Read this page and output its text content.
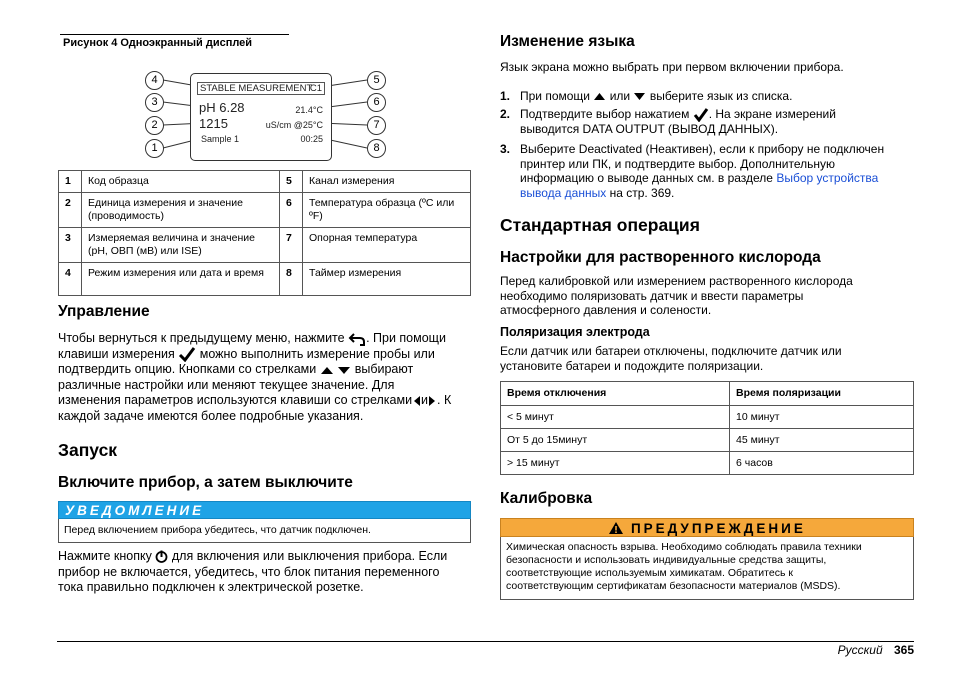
Рисунок 4 Одноэкранный дисплей
STABLE MEASUREMENT
C1
pH 6.28	21.4°C
1215	uS/cm @25°C
Sample 1	00:25
4
3
2
1
5
6
7
8
1	Код образца	5	Канал измерения
2	Единица измерения и значение (проводимость)	6	Температура образца (ºC или ºF)
3	Измеряемая величина и значение (pH, ОВП (мВ) или ISE)	7	Опорная температура
4	Режим измерения или дата и время	8	Таймер измерения
Управление
Чтобы вернуться к предыдущему меню, нажмите . При помощи
клавиши измерения можно выполнить измерение пробы или
подтвердить опцию. Кнопками со стрелками	выбирают
различные настройки или меняют текущее значение. Для
изменения параметров используются клавиши со стрелками и . К
каждой задаче имеются более подробные указания.
Запуск
Включите прибор, а затем выключите
УВЕДОМЛЕНИЕ
Перед включением прибора убедитесь, что датчик подключен.
Нажмите кнопку для включения или выключения прибора. Если
прибор не включается, убедитесь, что блок питания переменного
тока правильно подключен к электрической розетке.
Изменение языка
Язык экрана можно выбрать при первом включении прибора.
1. При помощи или выберите язык из списка.
2. Подтвердите выбор нажатием . На экране измерений
выводится DATA OUTPUT (ВЫВОД ДАННЫХ).
3. Выберите Deactivated (Неактивен), если к прибору не подключен
принтер или ПК, и подтвердите выбор. Дополнительную
информацию о выводе данных см. в разделе Выбор устройства
вывода данных на стр. 369.
Стандартная операция
Настройки для растворенного кислорода
Перед калибровкой или измерением растворенного кислорода
необходимо поляризовать датчик и ввести параметры
атмосферного давления и солености.
Поляризация электрода
Если датчик или батареи отключены, подключите датчик или
установите батареи и подождите поляризации.
Время отключения	Время поляризации
< 5 минут	10 минут
От 5 до 15минут	45 минут
> 15 минут	6 часов
Калибровка
ПРЕДУПРЕЖДЕНИЕ
Химическая опасность взрыва. Необходимо соблюдать правила техники
безопасности и использовать индивидуальные средства защиты,
соответствующие используемым химикатам. Обратитесь к
соответствующим сертификатам безопасности материалов (MSDS).
Русский 365
